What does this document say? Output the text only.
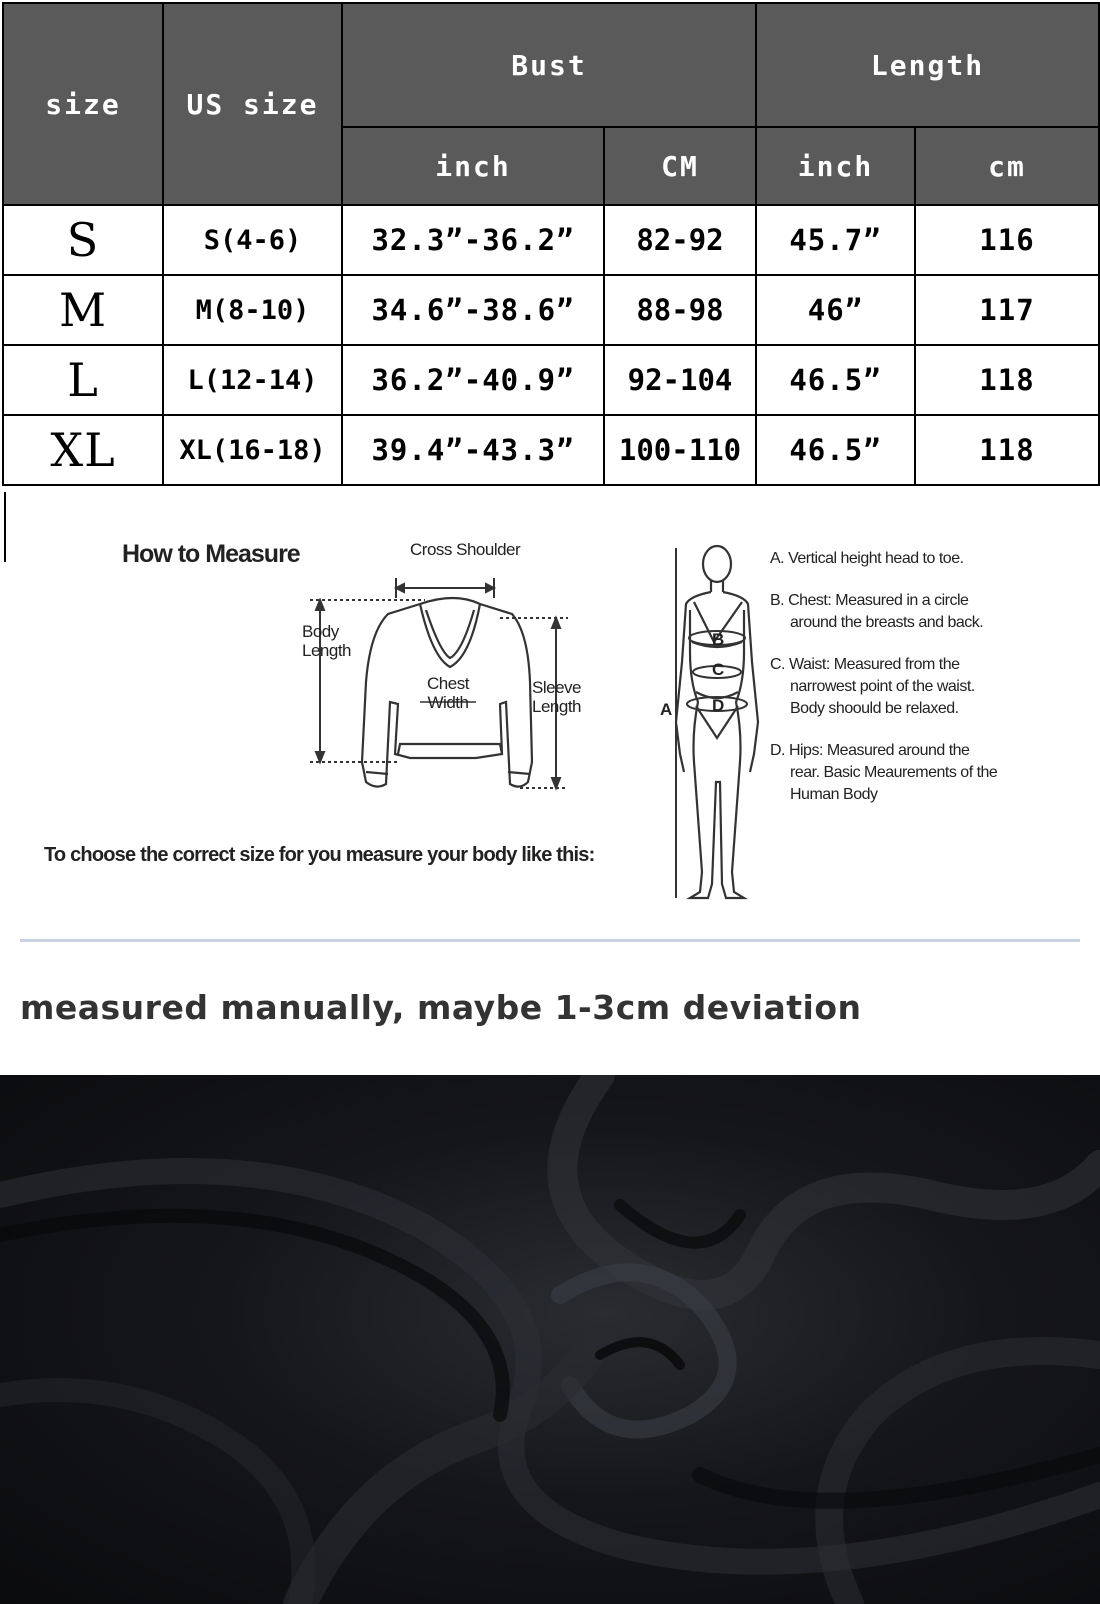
size	US size	Bust		Length	
		inch	CM	inch	cm
S	S(4-6)	32.3”-36.2”	82-92	45.7”	116
M	M(8-10)	34.6”-38.6”	88-98	46”	117
L	L(12-14)	36.2”-40.9”	92-104	46.5”	118
XL	XL(16-18)	39.4”-43.3”	100-110	46.5”	118
How to Measure	Cross Shoulder
Body Length
Chest Width
Sleeve Length	A
B
C
D
A. Vertical height head to toe.
B. Chest: Measured in a circle around the breasts and back.
C. Waist: Measured from the narrowest point of the waist. Body shoould be relaxed.
D. Hips: Measured around the rear. Basic Meaurements of the Human Body
To choose the correct size for you measure your body like this:
measured manually, maybe 1-3cm deviation
